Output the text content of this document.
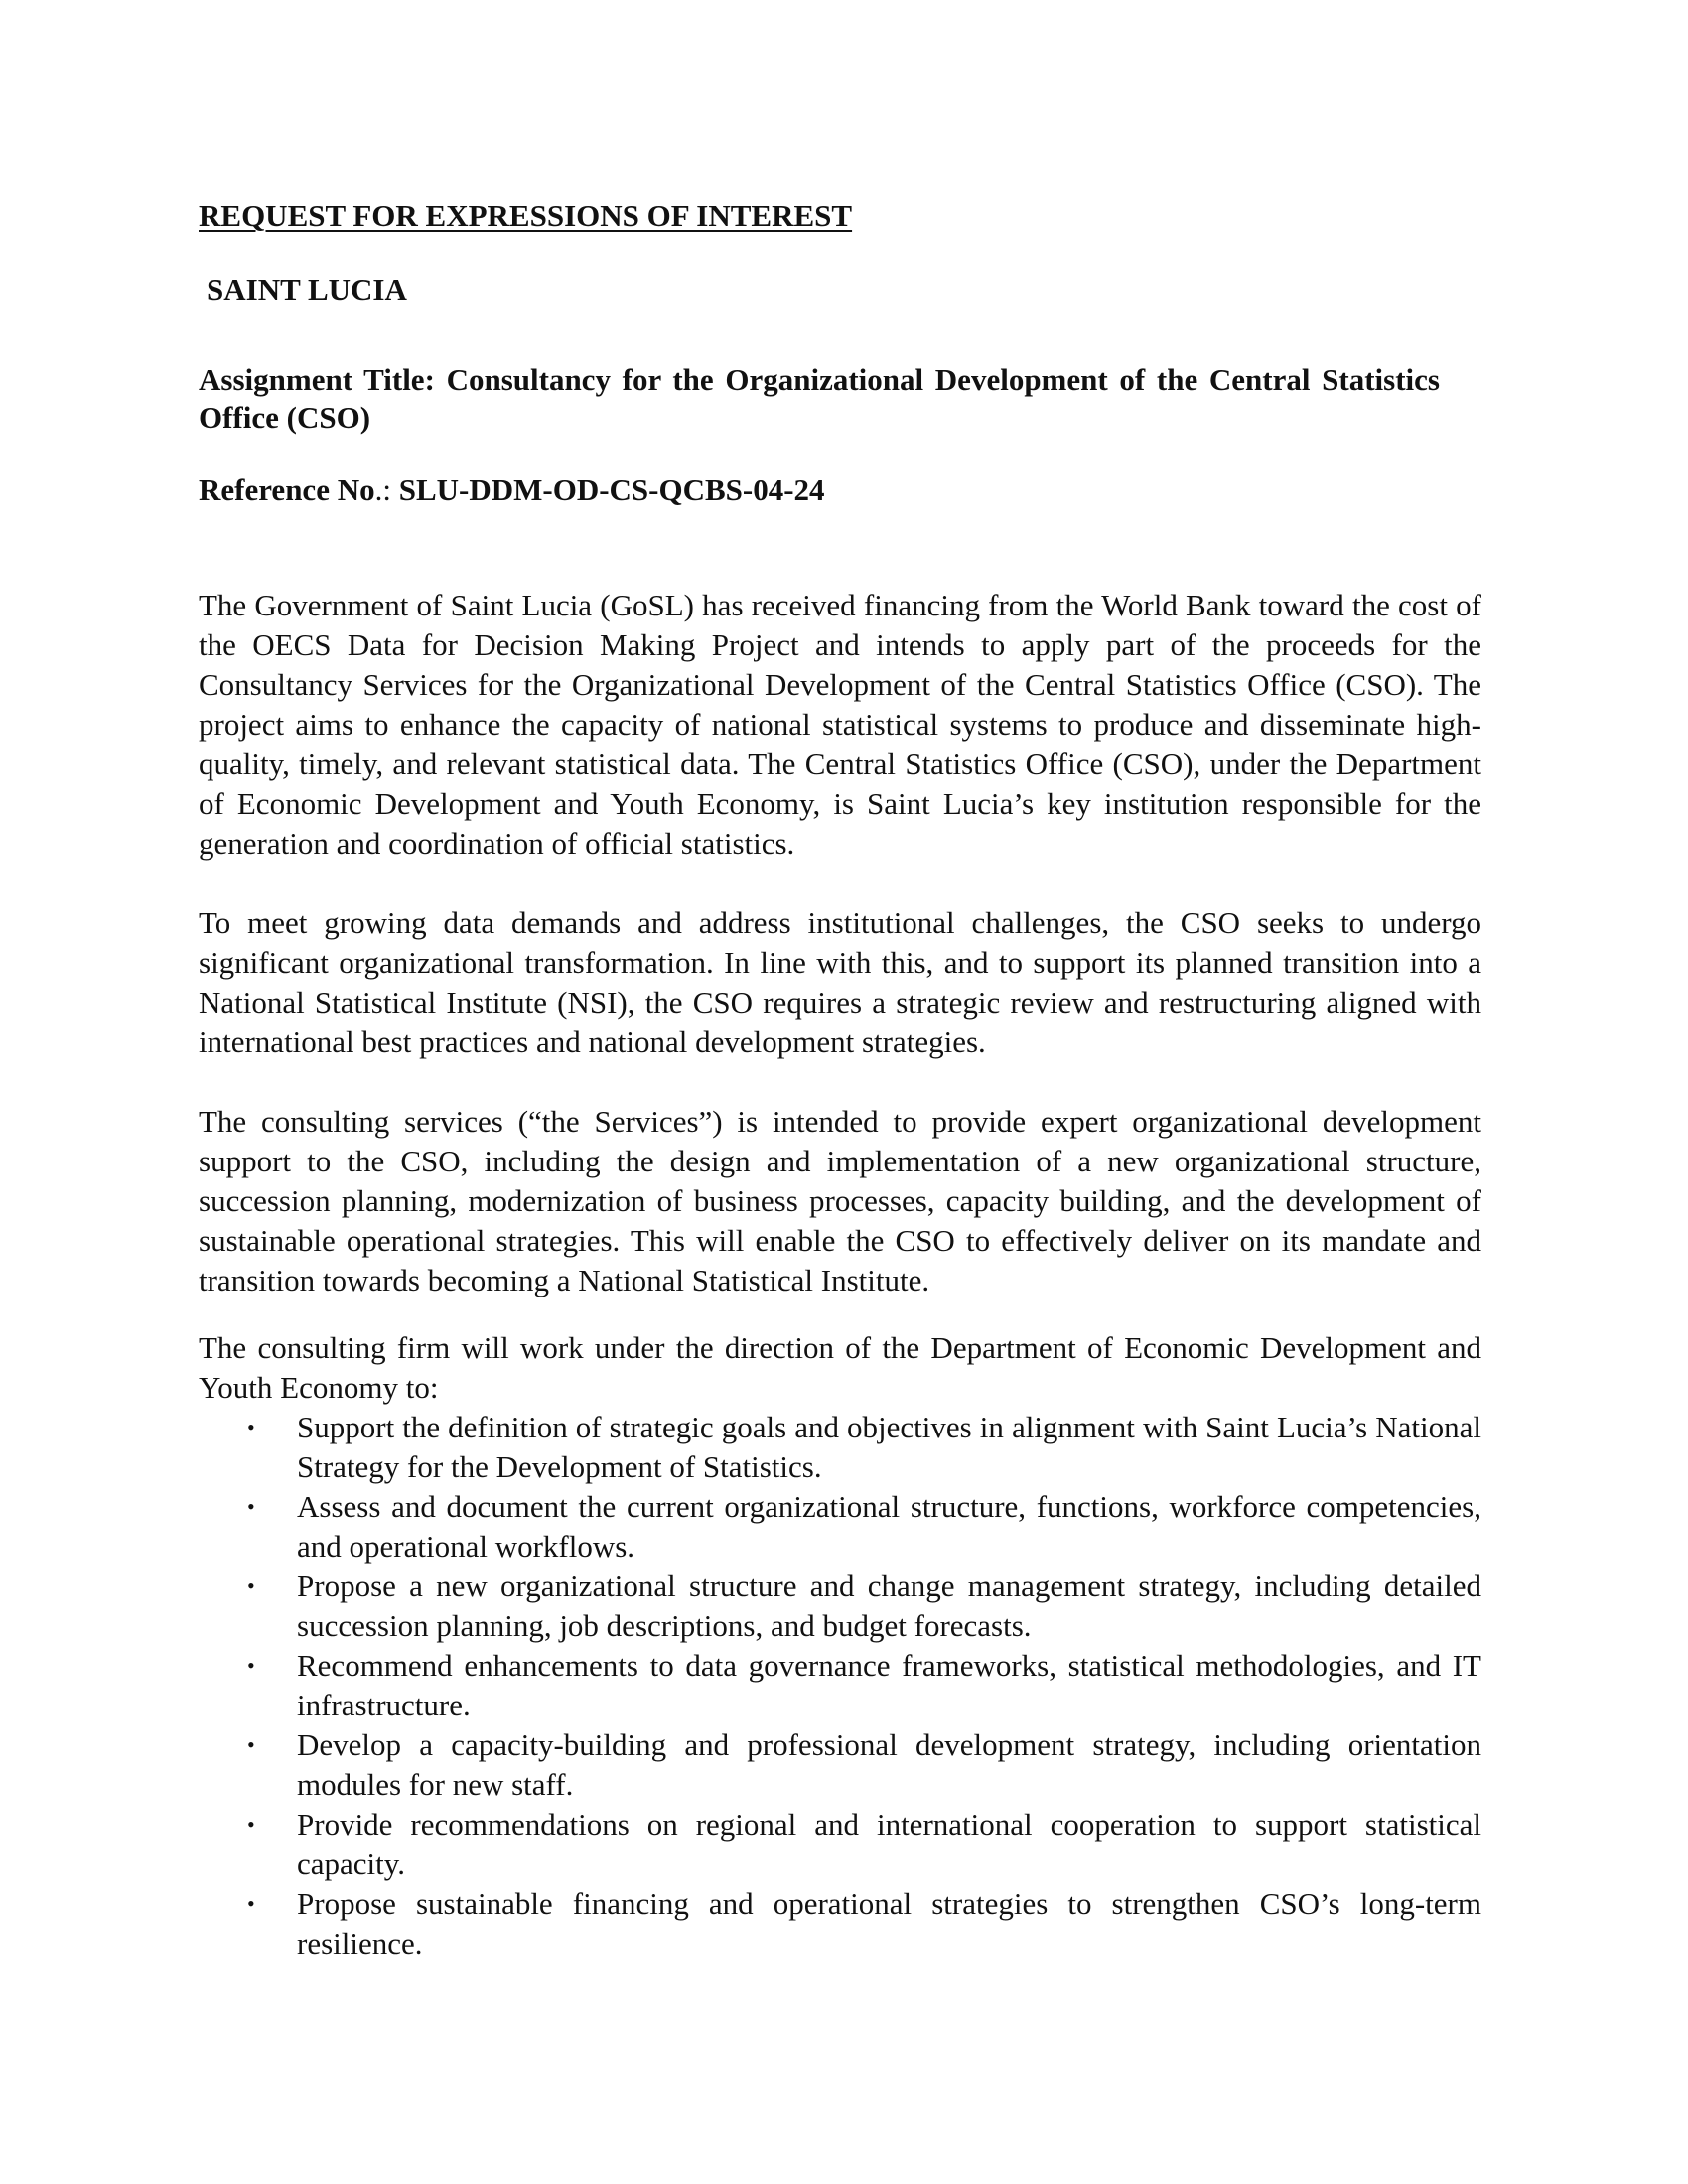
REQUEST FOR EXPRESSIONS OF INTEREST

SAINT LUCIA

Assignment Title: Consultancy for the Organizational Development of the Central Statistics Office (CSO)

Reference No.: SLU-DDM-OD-CS-QCBS-04-24

The Government of Saint Lucia (GoSL) has received financing from the World Bank toward the cost of the OECS Data for Decision Making Project and intends to apply part of the proceeds for the Consultancy Services for the Organizational Development of the Central Statistics Office (CSO). The project aims to enhance the capacity of national statistical systems to produce and disseminate high-quality, timely, and relevant statistical data. The Central Statistics Office (CSO), under the Department of Economic Development and Youth Economy, is Saint Lucia’s key institution responsible for the generation and coordination of official statistics.

To meet growing data demands and address institutional challenges, the CSO seeks to undergo significant organizational transformation. In line with this, and to support its planned transition into a National Statistical Institute (NSI), the CSO requires a strategic review and restructuring aligned with international best practices and national development strategies.

The consulting services (“the Services”) is intended to provide expert organizational development support to the CSO, including the design and implementation of a new organizational structure, succession planning, modernization of business processes, capacity building, and the development of sustainable operational strategies. This will enable the CSO to effectively deliver on its mandate and transition towards becoming a National Statistical Institute.

The consulting firm will work under the direction of the Department of Economic Development and Youth Economy to:

• Support the definition of strategic goals and objectives in alignment with Saint Lucia’s National Strategy for the Development of Statistics.
• Assess and document the current organizational structure, functions, workforce competencies, and operational workflows.
• Propose a new organizational structure and change management strategy, including detailed succession planning, job descriptions, and budget forecasts.
• Recommend enhancements to data governance frameworks, statistical methodologies, and IT infrastructure.
• Develop a capacity-building and professional development strategy, including orientation modules for new staff.
• Provide recommendations on regional and international cooperation to support statistical capacity.
• Propose sustainable financing and operational strategies to strengthen CSO’s long-term resilience.
